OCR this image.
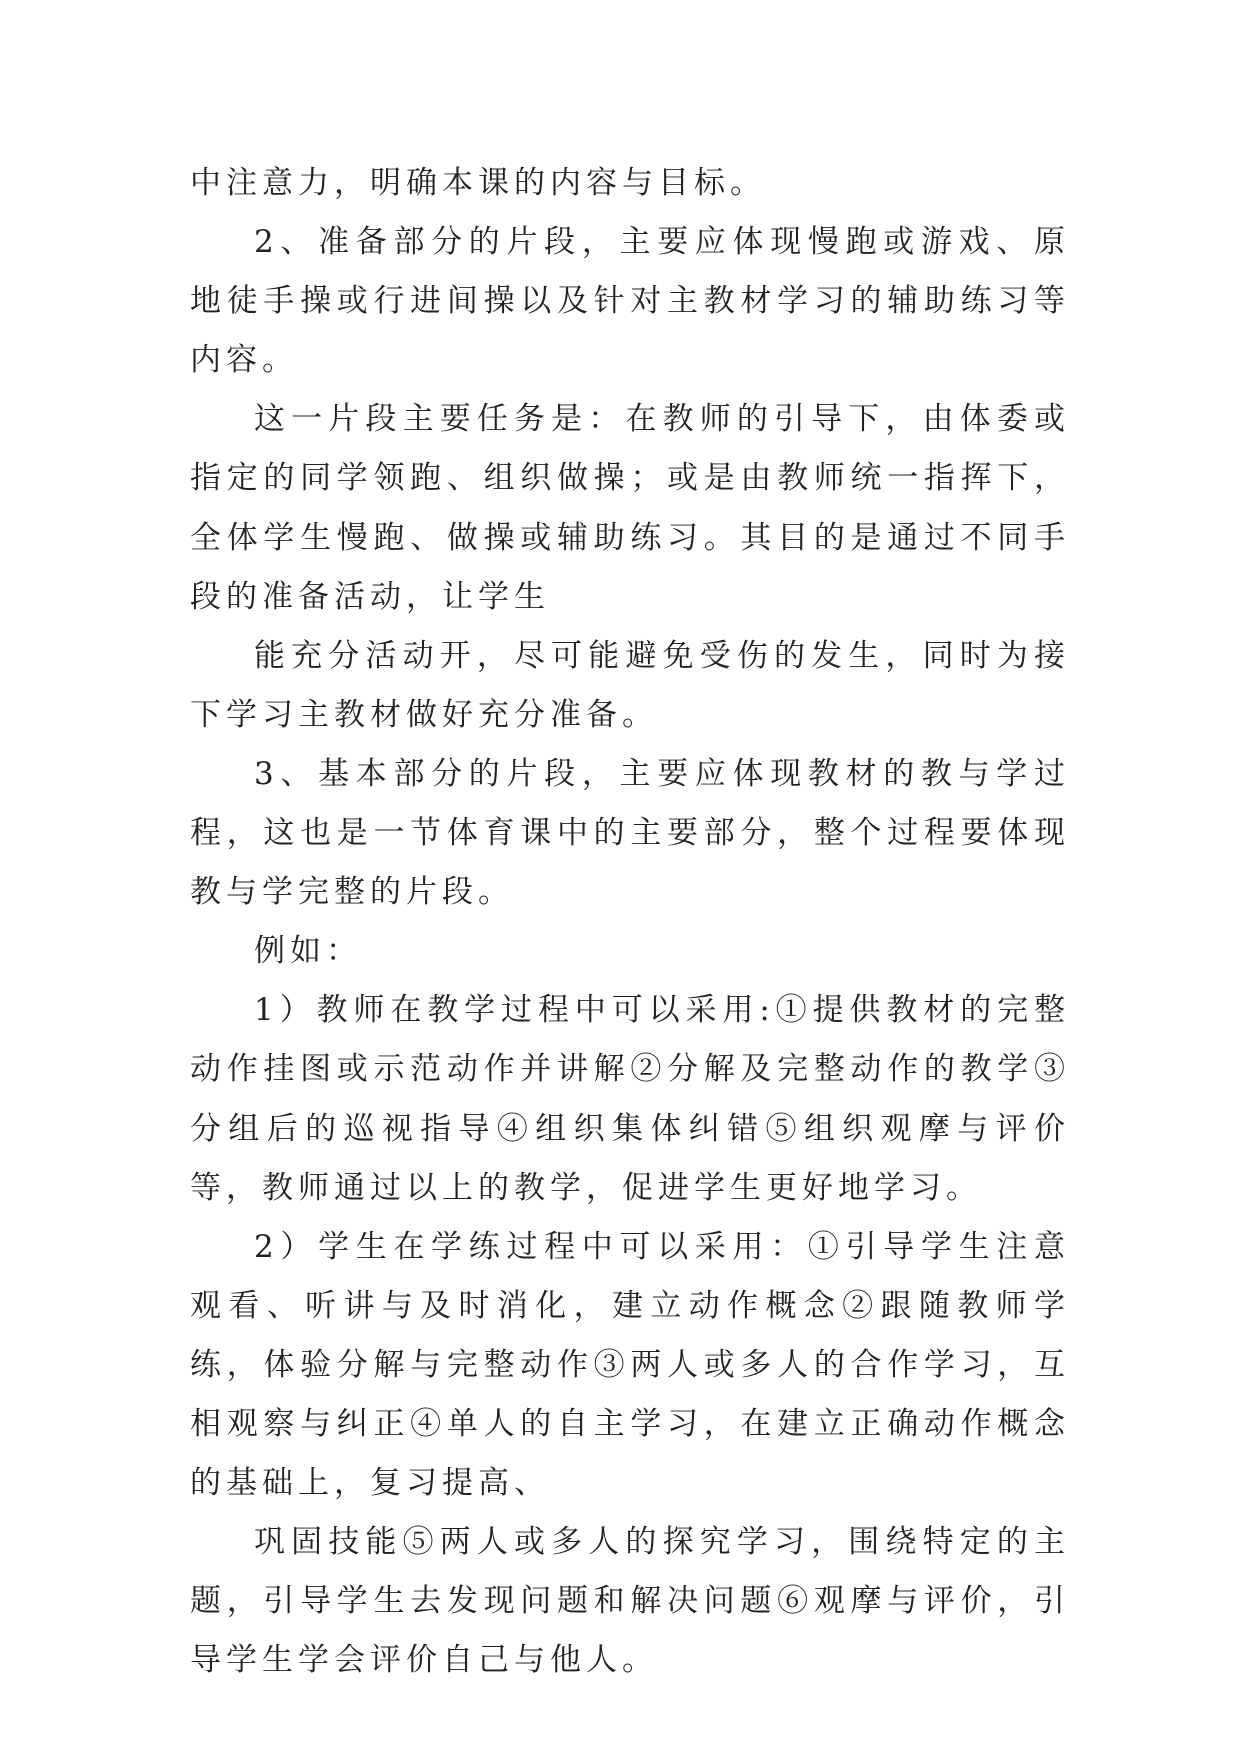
中注意力，明确本课的内容与目标。

2、准备部分的片段，主要应体现慢跑或游戏、原地徒手操或行进间操以及针对主教材学习的辅助练习等内容。

这一片段主要任务是：在教师的引导下，由体委或指定的同学领跑、组织做操；或是由教师统一指挥下，全体学生慢跑、做操或辅助练习。其目的是通过不同手段的准备活动，让学生

能充分活动开，尽可能避免受伤的发生，同时为接下学习主教材做好充分准备。

3、基本部分的片段，主要应体现教材的教与学过程，这也是一节体育课中的主要部分，整个过程要体现教与学完整的片段。

例如：

1）教师在教学过程中可以采用:①提供教材的完整动作挂图或示范动作并讲解②分解及完整动作的教学③分组后的巡视指导④组织集体纠错⑤组织观摩与评价等，教师通过以上的教学，促进学生更好地学习。

2）学生在学练过程中可以采用：①引导学生注意观看、听讲与及时消化，建立动作概念②跟随教师学练，体验分解与完整动作③两人或多人的合作学习，互相观察与纠正④单人的自主学习，在建立正确动作概念的基础上，复习提高、

巩固技能⑤两人或多人的探究学习，围绕特定的主题，引导学生去发现问题和解决问题⑥观摩与评价，引导学生学会评价自己与他人。
